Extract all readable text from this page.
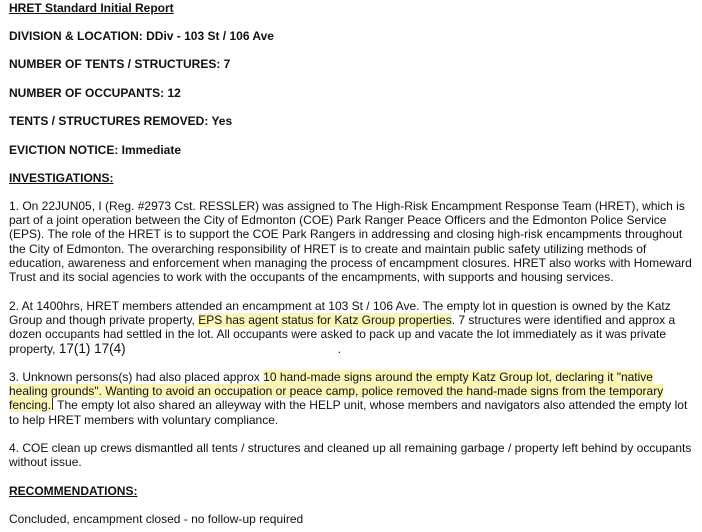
HRET Standard Initial Report
DIVISION & LOCATION: DDiv - 103 St / 106 Ave
NUMBER OF TENTS / STRUCTURES: 7
NUMBER OF OCCUPANTS: 12
TENTS / STRUCTURES REMOVED: Yes
EVICTION NOTICE: Immediate
INVESTIGATIONS:
1. On 22JUN05, I (Reg. #2973 Cst. RESSLER) was assigned to The High-Risk Encampment Response Team (HRET), which is part of a joint operation between the City of Edmonton (COE) Park Ranger Peace Officers and the Edmonton Police Service (EPS). The role of the HRET is to support the COE Park Rangers in addressing and closing high-risk encampments throughout the City of Edmonton. The overarching responsibility of HRET is to create and maintain public safety utilizing methods of education, awareness and enforcement when managing the process of encampment closures. HRET also works with Homeward Trust and its social agencies to work with the occupants of the encampments, with supports and housing services.
2. At 1400hrs, HRET members attended an encampment at 103 St / 106 Ave. The empty lot in question is owned by the Katz Group and though private property, EPS has agent status for Katz Group properties. 7 structures were identified and approx a dozen occupants had settled in the lot. All occupants were asked to pack up and vacate the lot immediately as it was private property, 17(1) 17(4)	.
3. Unknown persons(s) had also placed approx 10 hand-made signs around the empty Katz Group lot, declaring it "native healing grounds". Wanting to avoid an occupation or peace camp, police removed the hand-made signs from the temporary fencing. The empty lot also shared an alleyway with the HELP unit, whose members and navigators also attended the empty lot to help HRET members with voluntary compliance.
4. COE clean up crews dismantled all tents / structures and cleaned up all remaining garbage / property left behind by occupants without issue.
RECOMMENDATIONS:
Concluded, encampment closed - no follow-up required
